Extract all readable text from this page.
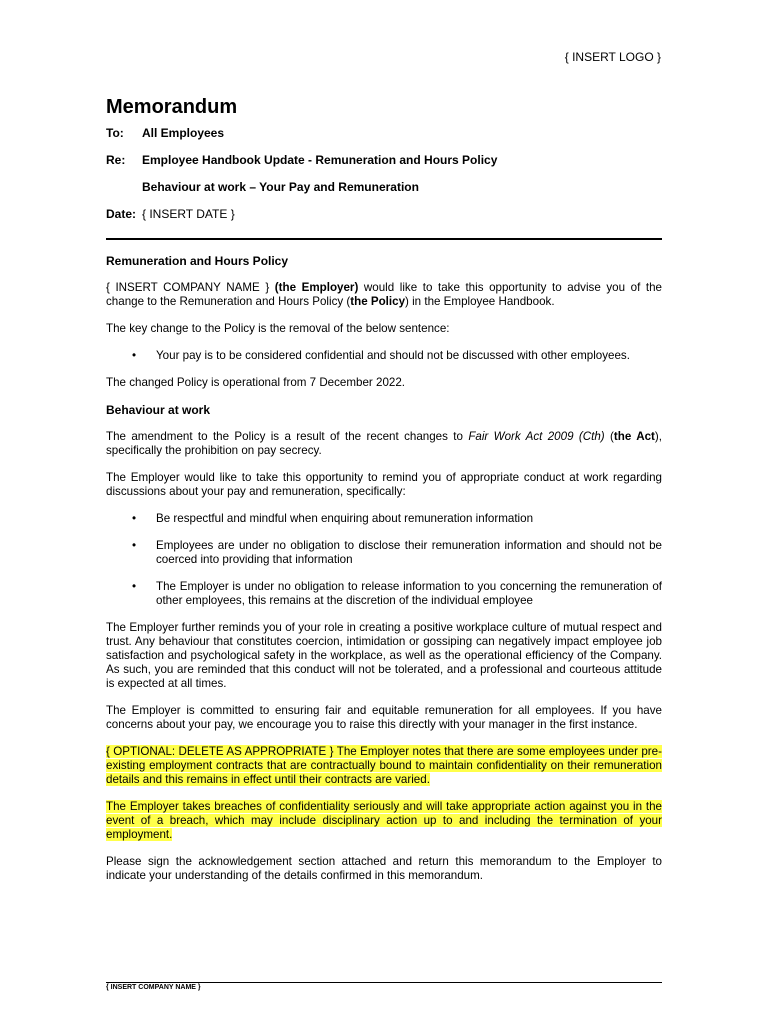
{ INSERT LOGO }
Memorandum
To:	All Employees
Re:	Employee Handbook Update - Remuneration and Hours Policy
Behaviour at work – Your Pay and Remuneration
Date: { INSERT DATE }
Remuneration and Hours Policy

{ INSERT COMPANY NAME } (the Employer) would like to take this opportunity to advise you of the change to the Remuneration and Hours Policy (the Policy) in the Employee Handbook.

The key change to the Policy is the removal of the below sentence:

• Your pay is to be considered confidential and should not be discussed with other employees.

The changed Policy is operational from 7 December 2022.

Behaviour at work

The amendment to the Policy is a result of the recent changes to Fair Work Act 2009 (Cth) (the Act), specifically the prohibition on pay secrecy.

The Employer would like to take this opportunity to remind you of appropriate conduct at work regarding discussions about your pay and remuneration, specifically:

• Be respectful and mindful when enquiring about remuneration information
• Employees are under no obligation to disclose their remuneration information and should not be coerced into providing that information
• The Employer is under no obligation to release information to you concerning the remuneration of other employees, this remains at the discretion of the individual employee

The Employer further reminds you of your role in creating a positive workplace culture of mutual respect and trust. Any behaviour that constitutes coercion, intimidation or gossiping can negatively impact employee job satisfaction and psychological safety in the workplace, as well as the operational efficiency of the Company. As such, you are reminded that this conduct will not be tolerated, and a professional and courteous attitude is expected at all times.

The Employer is committed to ensuring fair and equitable remuneration for all employees. If you have concerns about your pay, we encourage you to raise this directly with your manager in the first instance.

{ OPTIONAL: DELETE AS APPROPRIATE } The Employer notes that there are some employees under pre-existing employment contracts that are contractually bound to maintain confidentiality on their remuneration details and this remains in effect until their contracts are varied.

The Employer takes breaches of confidentiality seriously and will take appropriate action against you in the event of a breach, which may include disciplinary action up to and including the termination of your employment.

Please sign the acknowledgement section attached and return this memorandum to the Employer to indicate your understanding of the details confirmed in this memorandum.

{ INSERT COMPANY NAME }
